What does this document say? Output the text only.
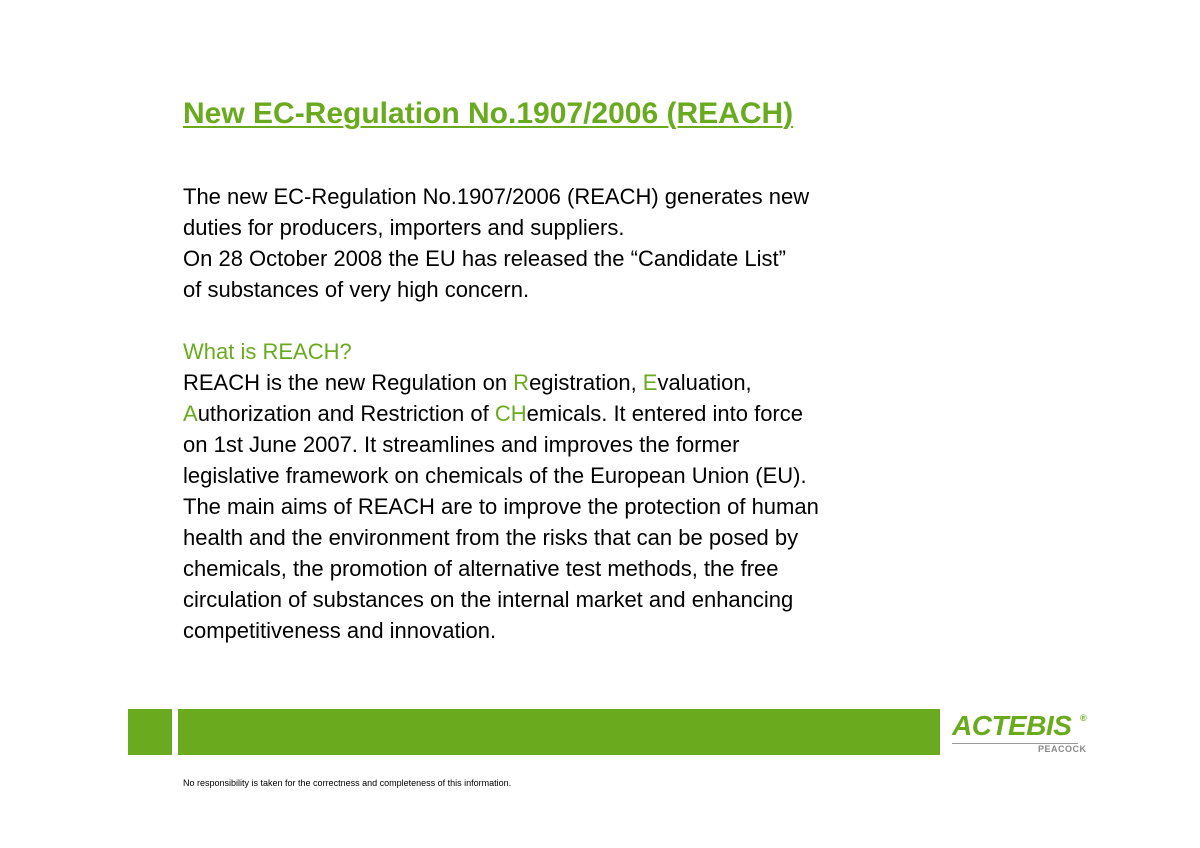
New EC-Regulation No.1907/2006 (REACH)

The new EC-Regulation No.1907/2006 (REACH) generates new
duties for producers, importers and suppliers.
On 28 October 2008 the EU has released the “Candidate List”
of substances of very high concern.

What is REACH?
REACH is the new Regulation on Registration, Evaluation,
Authorization and Restriction of CHemicals. It entered into force
on 1st June 2007. It streamlines and improves the former
legislative framework on chemicals of the European Union (EU).
The main aims of REACH are to improve the protection of human
health and the environment from the risks that can be posed by
chemicals, the promotion of alternative test methods, the free
circulation of substances on the internal market and enhancing
competitiveness and innovation.
ACTEBIS ®
PEACOCK

No responsibility is taken for the correctness and completeness of this information.
